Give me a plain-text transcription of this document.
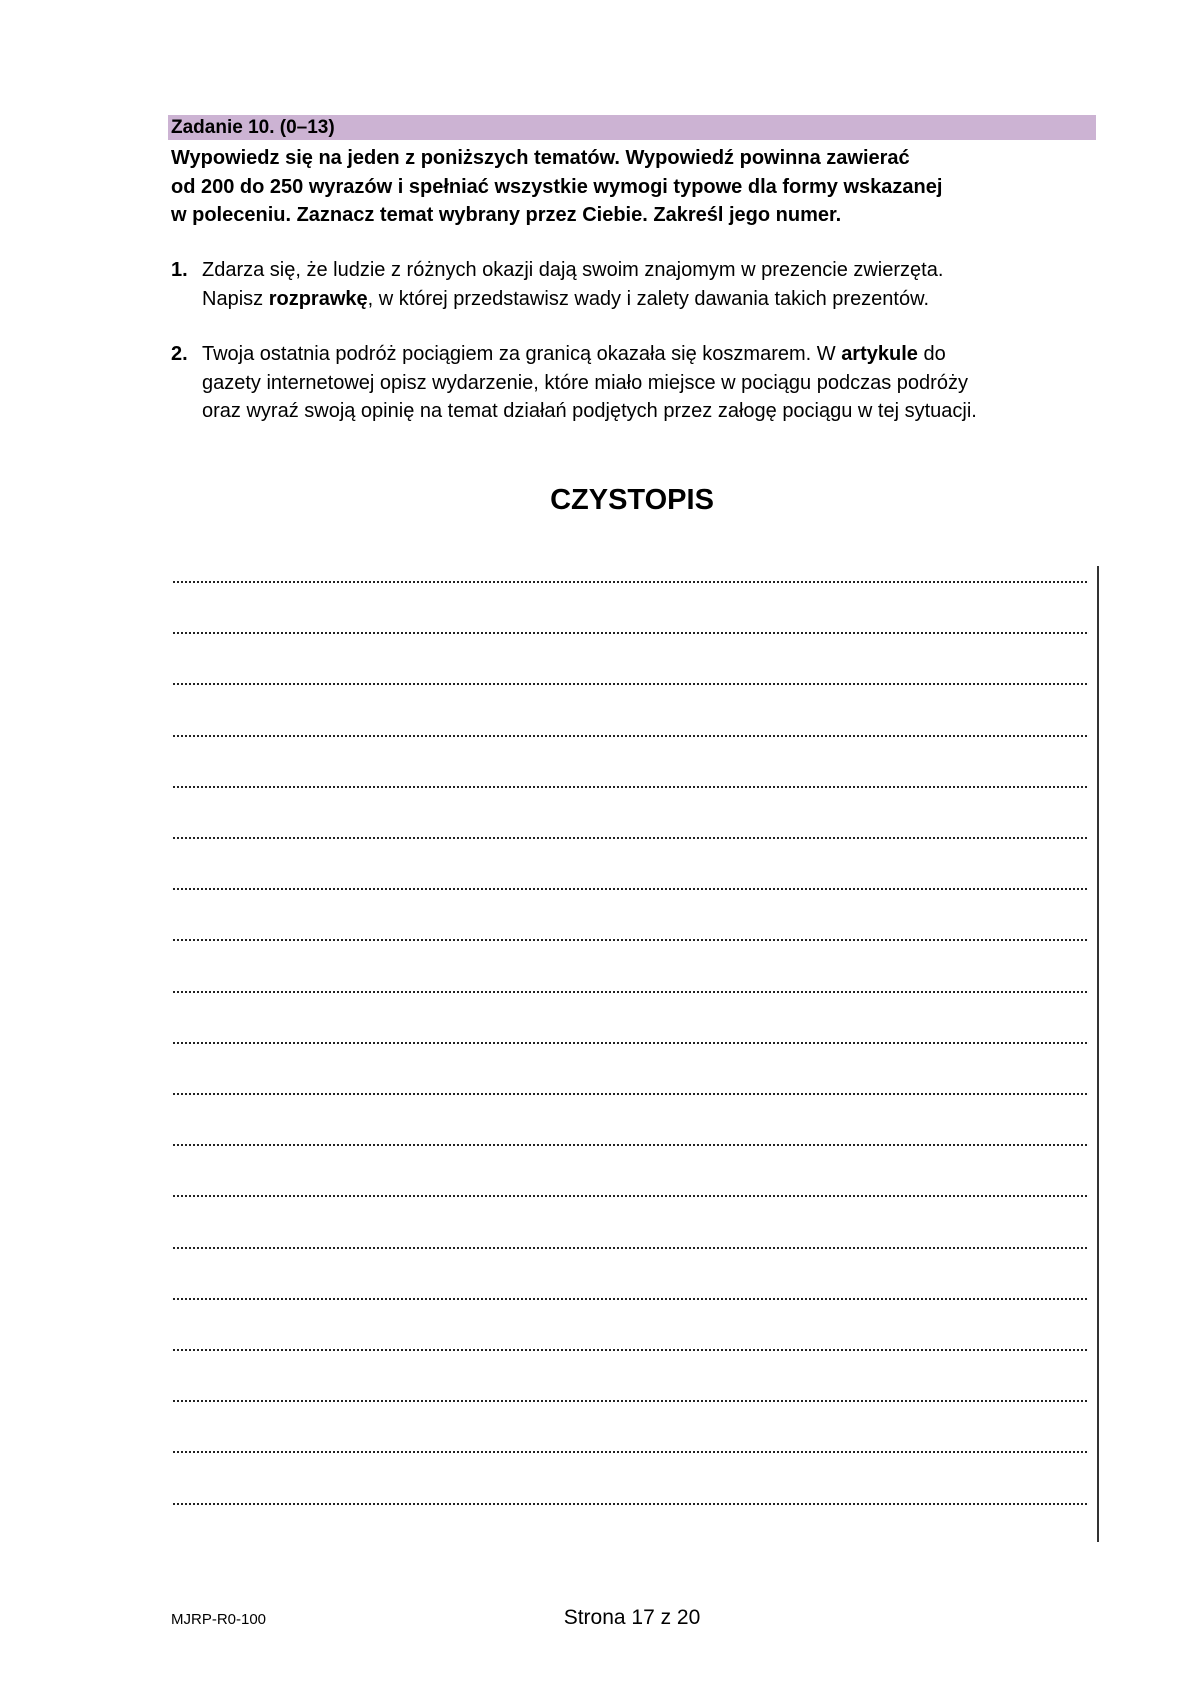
Zadanie 10. (0–13)

Wypowiedz się na jeden z poniższych tematów. Wypowiedź powinna zawierać

od 200 do 250 wyrazów i spełniać wszystkie wymogi typowe dla formy wskazanej

w poleceniu. Zaznacz temat wybrany przez Ciebie. Zakreśl jego numer.

1. Zdarza się, że ludzie z różnych okazji dają swoim znajomym w prezencie zwierzęta.
Napisz rozprawkę, w której przedstawisz wady i zalety dawania takich prezentów.
2. Twoja ostatnia podróż pociągiem za granicą okazała się koszmarem. W artykule do
gazety internetowej opisz wydarzenie, które miało miejsce w pociągu podczas podróży
oraz wyraź swoją opinię na temat działań podjętych przez załogę pociągu w tej sytuacji.
CZYSTOPIS
MJRP-R0-100	Strona 17 z 20
